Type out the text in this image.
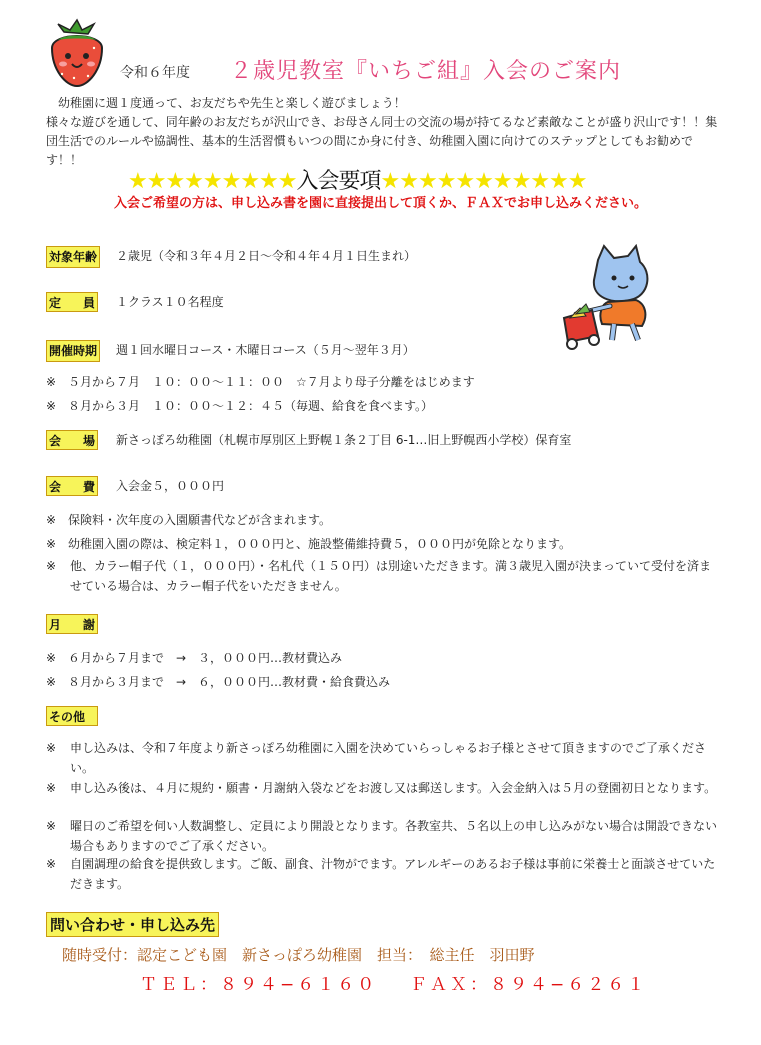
令和６年度 ２歳児教室『いちご組』入会のご案内

幼稚園に週１度通って、お友だちや先生と楽しく遊びましょう！

様々な遊びを通して、同年齢のお友だちが沢山でき、お母さん同士の交流の場が持てるなど素敵なことが盛り沢山です！！集団生活でのルールや協調性、基本的生活習慣もいつの間にか身に付き、幼稚園入園に向けてのステップとしてもお勧めです！！

★★★★★★★★★入会要項★★★★★★★★★★★
入会ご希望の方は、申し込み書を園に直接提出して頂くか、ＦＡＸでお申し込みください。
対象年齢 ２歳児（令和３年４月２日〜令和４年４月１日生まれ）
定 員 １クラス１０名程度
開催時期 週１回水曜日コース・木曜日コース（５月〜翌年３月）
※ ５月から７月　１０：００〜１１：００　☆７月より母子分離をはじめます
※ ８月から３月　１０：００〜１２：４５（毎週、給食を食べます。）
会 場 新さっぽろ幼稚園（札幌市厚別区上野幌１条２丁目 6-1…旧上野幌西小学校）保育室
会 費 入会金５，０００円
※ 保険料・次年度の入園願書代などが含まれます。
※ 幼稚園入園の際は、検定料１，０００円と、施設整備維持費５，０００円が免除となります。
※	他、カラー帽子代（１，０００円）・名札代（１５０円）は別途いただきます。満３歳児入園が決まっていて受付を済ませている場合は、カラー帽子代をいただきません。
月 謝
※ ６月から７月まで　→　３，０００円…教材費込み
※ ８月から３月まで　→　６，０００円…教材費・給食費込み
その他
※	申し込みは、令和７年度より新さっぽろ幼稚園に入園を決めていらっしゃるお子様とさせて頂きますのでご了承ください。
※	申し込み後は、４月に規約・願書・月謝納入袋などをお渡し又は郵送します。入会金納入は５月の登園初日となります。
※	曜日のご希望を伺い人数調整し、定員により開設となります。各教室共、５名以上の申し込みがない場合は開設できない場合もありますのでご了承ください。
※	自園調理の給食を提供致します。ご飯、副食、汁物がでます。アレルギーのあるお子様は事前に栄養士と面談させていただきます。
問い合わせ・申し込み先
随時受付：認定こども園　新さっぽろ幼稚園　担当：　総主任　羽田野
ＴＥＬ：８９４−６１６０ ＦＡＸ：８９４−６２６１
